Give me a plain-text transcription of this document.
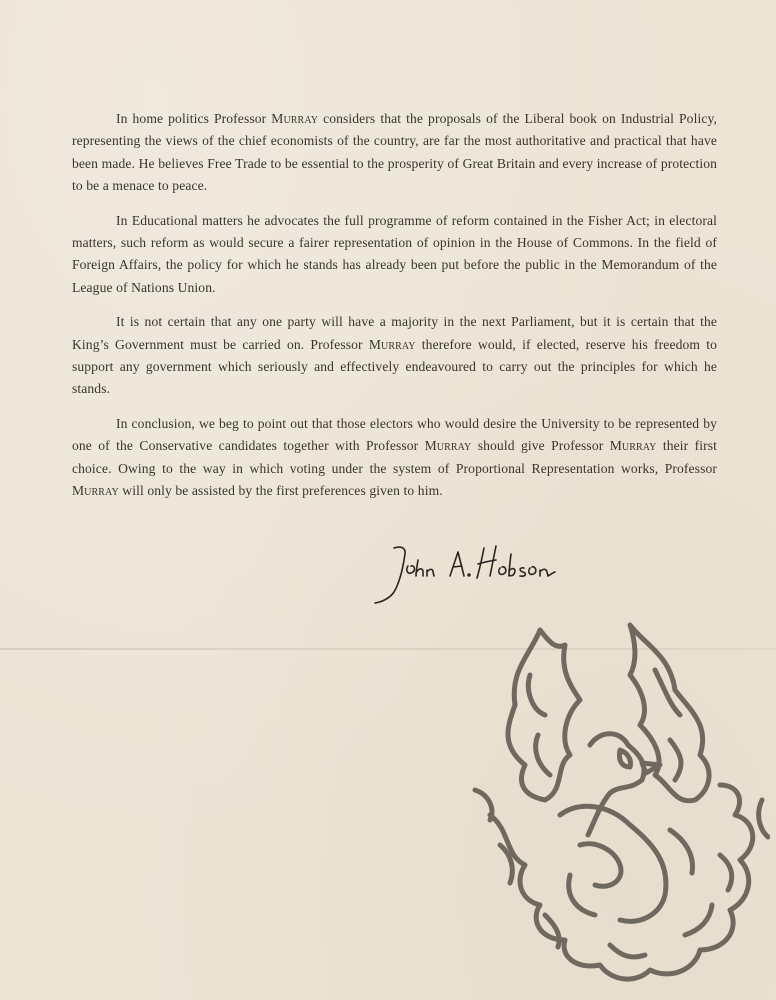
In home politics Professor Murray considers that the proposals of the Liberal book on Industrial Policy, representing the views of the chief economists of the country, are far the most authoritative and practical that have been made. He believes Free Trade to be essential to the prosperity of Great Britain and every increase of protection to be a menace to peace.

In Educational matters he advocates the full programme of reform contained in the Fisher Act; in electoral matters, such reform as would secure a fairer representation of opinion in the House of Commons. In the field of Foreign Affairs, the policy for which he stands has already been put before the public in the Memorandum of the League of Nations Union.

It is not certain that any one party will have a majority in the next Parliament, but it is certain that the King’s Government must be carried on. Professor Murray therefore would, if elected, reserve his freedom to support any government which seriously and effectively endeavoured to carry out the principles for which he stands.

In conclusion, we beg to point out that those electors who would desire the University to be represented by one of the Conservative candidates together with Professor Murray should give Professor Murray their first choice. Owing to the way in which voting under the system of Proportional Representation works, Professor Murray will only be assisted by the first preferences given to him.
